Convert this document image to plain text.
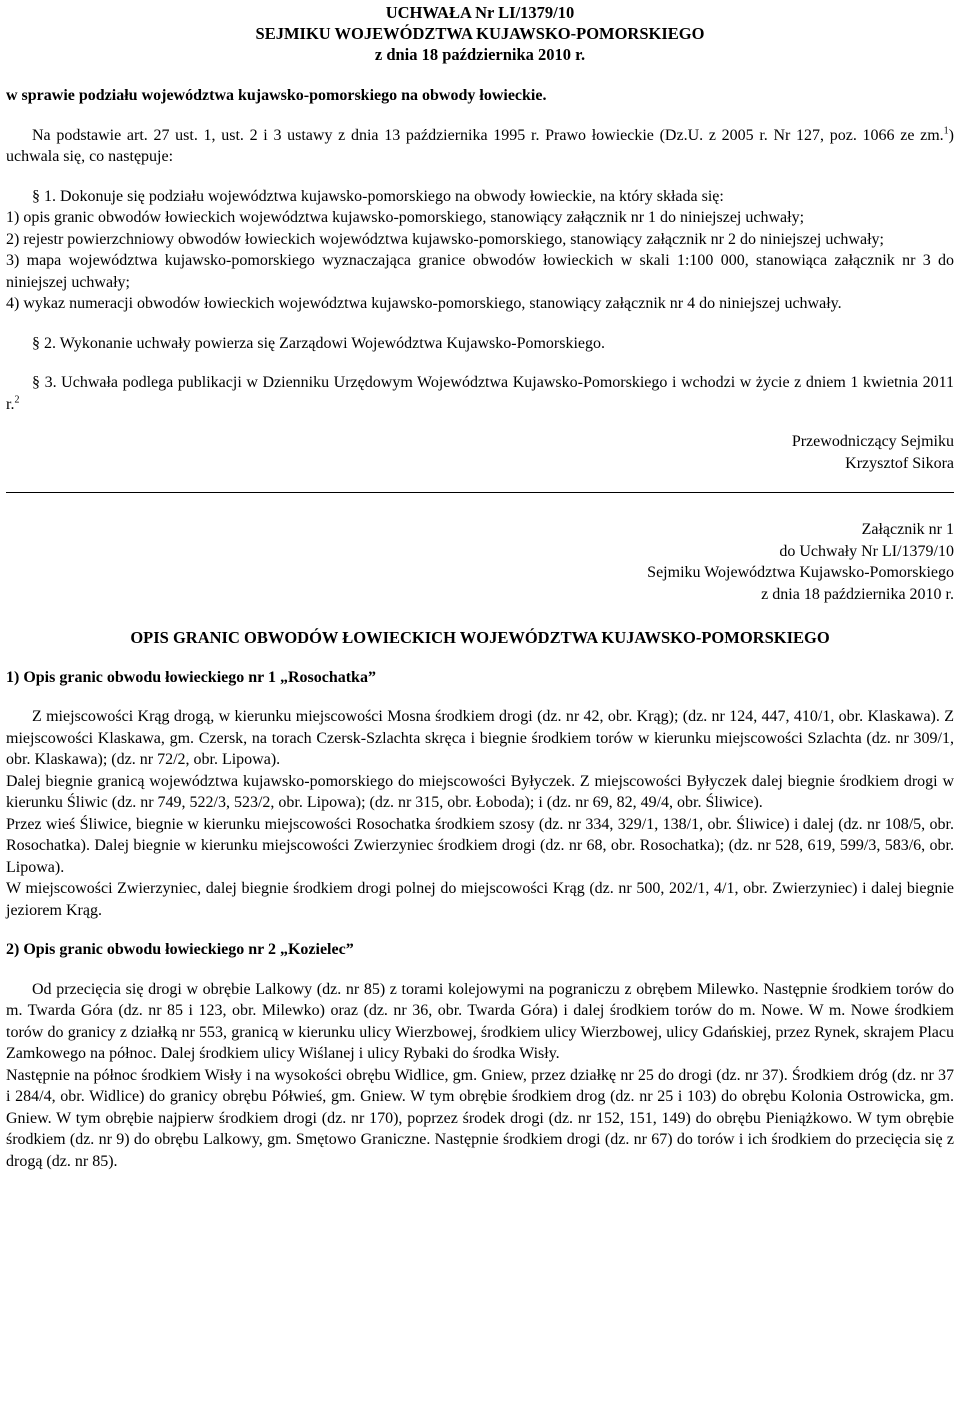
UCHWAŁA Nr LI/1379/10
SEJMIKU WOJEWÓDZTWA KUJAWSKO-POMORSKIEGO
z dnia 18 października 2010 r.
w sprawie podziału województwa kujawsko-pomorskiego na obwody łowieckie.

Na podstawie art. 27 ust. 1, ust. 2 i 3 ustawy z dnia 13 października 1995 r. Prawo łowieckie (Dz.U. z 2005 r. Nr 127, poz. 1066 ze zm.$^1$) uchwala się, co następuje:

§ 1. Dokonuje się podziału województwa kujawsko-pomorskiego na obwody łowieckie, na który składa się:

1) opis granic obwodów łowieckich województwa kujawsko-pomorskiego, stanowiący załącznik nr 1 do niniejszej uchwały;

2) rejestr powierzchniowy obwodów łowieckich województwa kujawsko-pomorskiego, stanowiący załącznik nr 2 do niniejszej uchwały;

3) mapa województwa kujawsko-pomorskiego wyznaczająca granice obwodów łowieckich w skali 1:100 000, stanowiąca załącznik nr 3 do niniejszej uchwały;

4) wykaz numeracji obwodów łowieckich województwa kujawsko-pomorskiego, stanowiący załącznik nr 4 do niniejszej uchwały.

§ 2. Wykonanie uchwały powierza się Zarządowi Województwa Kujawsko-Pomorskiego.

§ 3. Uchwała podlega publikacji w Dzienniku Urzędowym Województwa Kujawsko-Pomorskiego i wchodzi w życie z dniem 1 kwietnia 2011 r.$^2$

Przewodniczący Sejmiku
Krzysztof Sikora
Załącznik nr 1
do Uchwały Nr LI/1379/10
Sejmiku Województwa Kujawsko-Pomorskiego
z dnia 18 października 2010 r.
OPIS GRANIC OBWODÓW ŁOWIECKICH WOJEWÓDZTWA KUJAWSKO-POMORSKIEGO
1) Opis granic obwodu łowieckiego nr 1 „Rosochatka”

Z miejscowości Krąg drogą, w kierunku miejscowości Mosna środkiem drogi (dz. nr 42, obr. Krąg); (dz. nr 124, 447, 410/1, obr. Klaskawa). Z miejscowości Klaskawa, gm. Czersk, na torach Czersk-Szlachta skręca i biegnie środkiem torów w kierunku miejscowości Szlachta (dz. nr 309/1, obr. Klaskawa); (dz. nr 72/2, obr. Lipowa).

Dalej biegnie granicą województwa kujawsko-pomorskiego do miejscowości Byłyczek. Z miejscowości Byłyczek dalej biegnie środkiem drogi w kierunku Śliwic (dz. nr 749, 522/3, 523/2, obr. Lipowa); (dz. nr 315, obr. Łoboda); i (dz. nr 69, 82, 49/4, obr. Śliwice).

Przez wieś Śliwice, biegnie w kierunku miejscowości Rosochatka środkiem szosy (dz. nr 334, 329/1, 138/1, obr. Śliwice) i dalej (dz. nr 108/5, obr. Rosochatka). Dalej biegnie w kierunku miejscowości Zwierzyniec środkiem drogi (dz. nr 68, obr. Rosochatka); (dz. nr 528, 619, 599/3, 583/6, obr. Lipowa).

W miejscowości Zwierzyniec, dalej biegnie środkiem drogi polnej do miejscowości Krąg (dz. nr 500, 202/1, 4/1, obr. Zwierzyniec) i dalej biegnie jeziorem Krąg.

2) Opis granic obwodu łowieckiego nr 2 „Kozielec”

Od przecięcia się drogi w obrębie Lalkowy (dz. nr 85) z torami kolejowymi na pograniczu z obrębem Milewko. Następnie środkiem torów do m. Twarda Góra (dz. nr 85 i 123, obr. Milewko) oraz (dz. nr 36, obr. Twarda Góra) i dalej środkiem torów do m. Nowe. W m. Nowe środkiem torów do granicy z działką nr 553, granicą w kierunku ulicy Wierzbowej, środkiem ulicy Wierzbowej, ulicy Gdańskiej, przez Rynek, skrajem Placu Zamkowego na północ. Dalej środkiem ulicy Wiślanej i ulicy Rybaki do środka Wisły.

Następnie na północ środkiem Wisły i na wysokości obrębu Widlice, gm. Gniew, przez działkę nr 25 do drogi (dz. nr 37). Środkiem dróg (dz. nr 37 i 284/4, obr. Widlice) do granicy obrębu Półwieś, gm. Gniew. W tym obrębie środkiem drog (dz. nr 25 i 103) do obrębu Kolonia Ostrowicka, gm. Gniew. W tym obrębie najpierw środkiem drogi (dz. nr 170), poprzez środek drogi (dz. nr 152, 151, 149) do obrębu Pieniążkowo. W tym obrębie środkiem (dz. nr 9) do obrębu Lalkowy, gm. Smętowo Graniczne. Następnie środkiem drogi (dz. nr 67) do torów i ich środkiem do przecięcia się z drogą (dz. nr 85).
